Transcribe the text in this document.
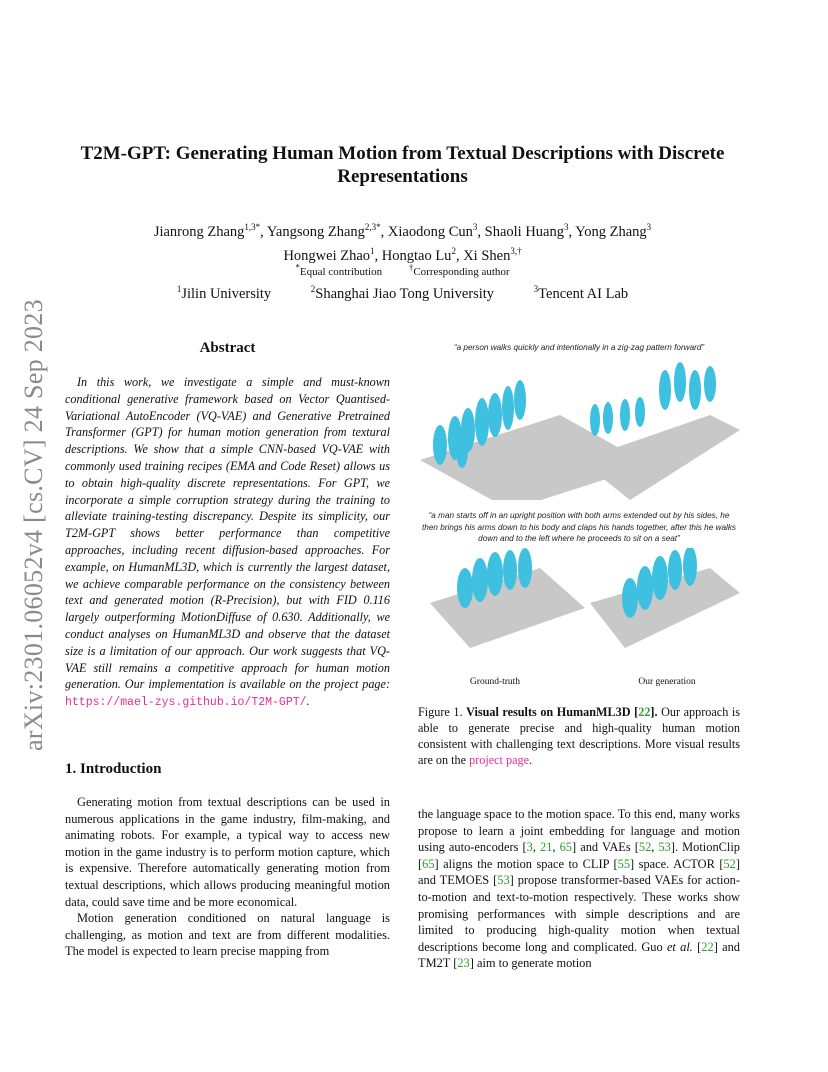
arXiv:2301.06052v4 [cs.CV] 24 Sep 2023
T2M-GPT: Generating Human Motion from Textual Descriptions with Discrete Representations
Jianrong Zhang$^{1,3*}$, Yangsong Zhang$^{2,3*}$, Xiaodong Cun$^3$, Shaoli Huang$^3$, Yong Zhang$^3$
Hongwei Zhao$^1$, Hongtao Lu$^2$, Xi Shen$^{3,\dagger}$
*Equal contribution	†Corresponding author
$^1$Jilin University	$^2$Shanghai Jiao Tong University	$^3$Tencent AI Lab
Abstract
In this work, we investigate a simple and must-known conditional generative framework based on Vector Quantised-Variational AutoEncoder (VQ-VAE) and Generative Pretrained Transformer (GPT) for human motion generation from textural descriptions. We show that a simple CNN-based VQ-VAE with commonly used training recipes (EMA and Code Reset) allows us to obtain high-quality discrete representations. For GPT, we incorporate a simple corruption strategy during the training to alleviate training-testing discrepancy. Despite its simplicity, our T2M-GPT shows better performance than competitive approaches, including recent diffusion-based approaches. For example, on HumanML3D, which is currently the largest dataset, we achieve comparable performance on the consistency between text and generated motion (R-Precision), but with FID 0.116 largely outperforming MotionDiffuse of 0.630. Additionally, we conduct analyses on HumanML3D and observe that the dataset size is a limitation of our approach. Our work suggests that VQ-VAE still remains a competitive approach for human motion generation. Our implementation is available on the project page: https://mael-zys.github.io/T2M-GPT/.
“a person walks quickly and intentionally in a zig-zag pattern forward”
“a man starts off in an upright position with both arms extended out by his sides, he then brings his arms down to his body and claps his hands together, after this he walks down and to the left where he proceeds to sit on a seat”
Ground-truth	Our generation
Figure 1. Visual results on HumanML3D [22]. Our approach is able to generate precise and high-quality human motion consistent with challenging text descriptions. More visual results are on the project page.
1. Introduction

Generating motion from textual descriptions can be used in numerous applications in the game industry, film-making, and animating robots. For example, a typical way to access new motion in the game industry is to perform motion capture, which is expensive. Therefore automatically generating motion from textual descriptions, which allows producing meaningful motion data, could save time and be more economical.

Motion generation conditioned on natural language is challenging, as motion and text are from different modalities. The model is expected to learn precise mapping from

the language space to the motion space. To this end, many works propose to learn a joint embedding for language and motion using auto-encoders [3, 21, 65] and VAEs [52, 53]. MotionClip [65] aligns the motion space to CLIP [55] space. ACTOR [52] and TEMOES [53] propose transformer-based VAEs for action-to-motion and text-to-motion respectively. These works show promising performances with simple descriptions and are limited to producing high-quality motion when textual descriptions become long and complicated. Guo et al. [22] and TM2T [23] aim to generate motion
